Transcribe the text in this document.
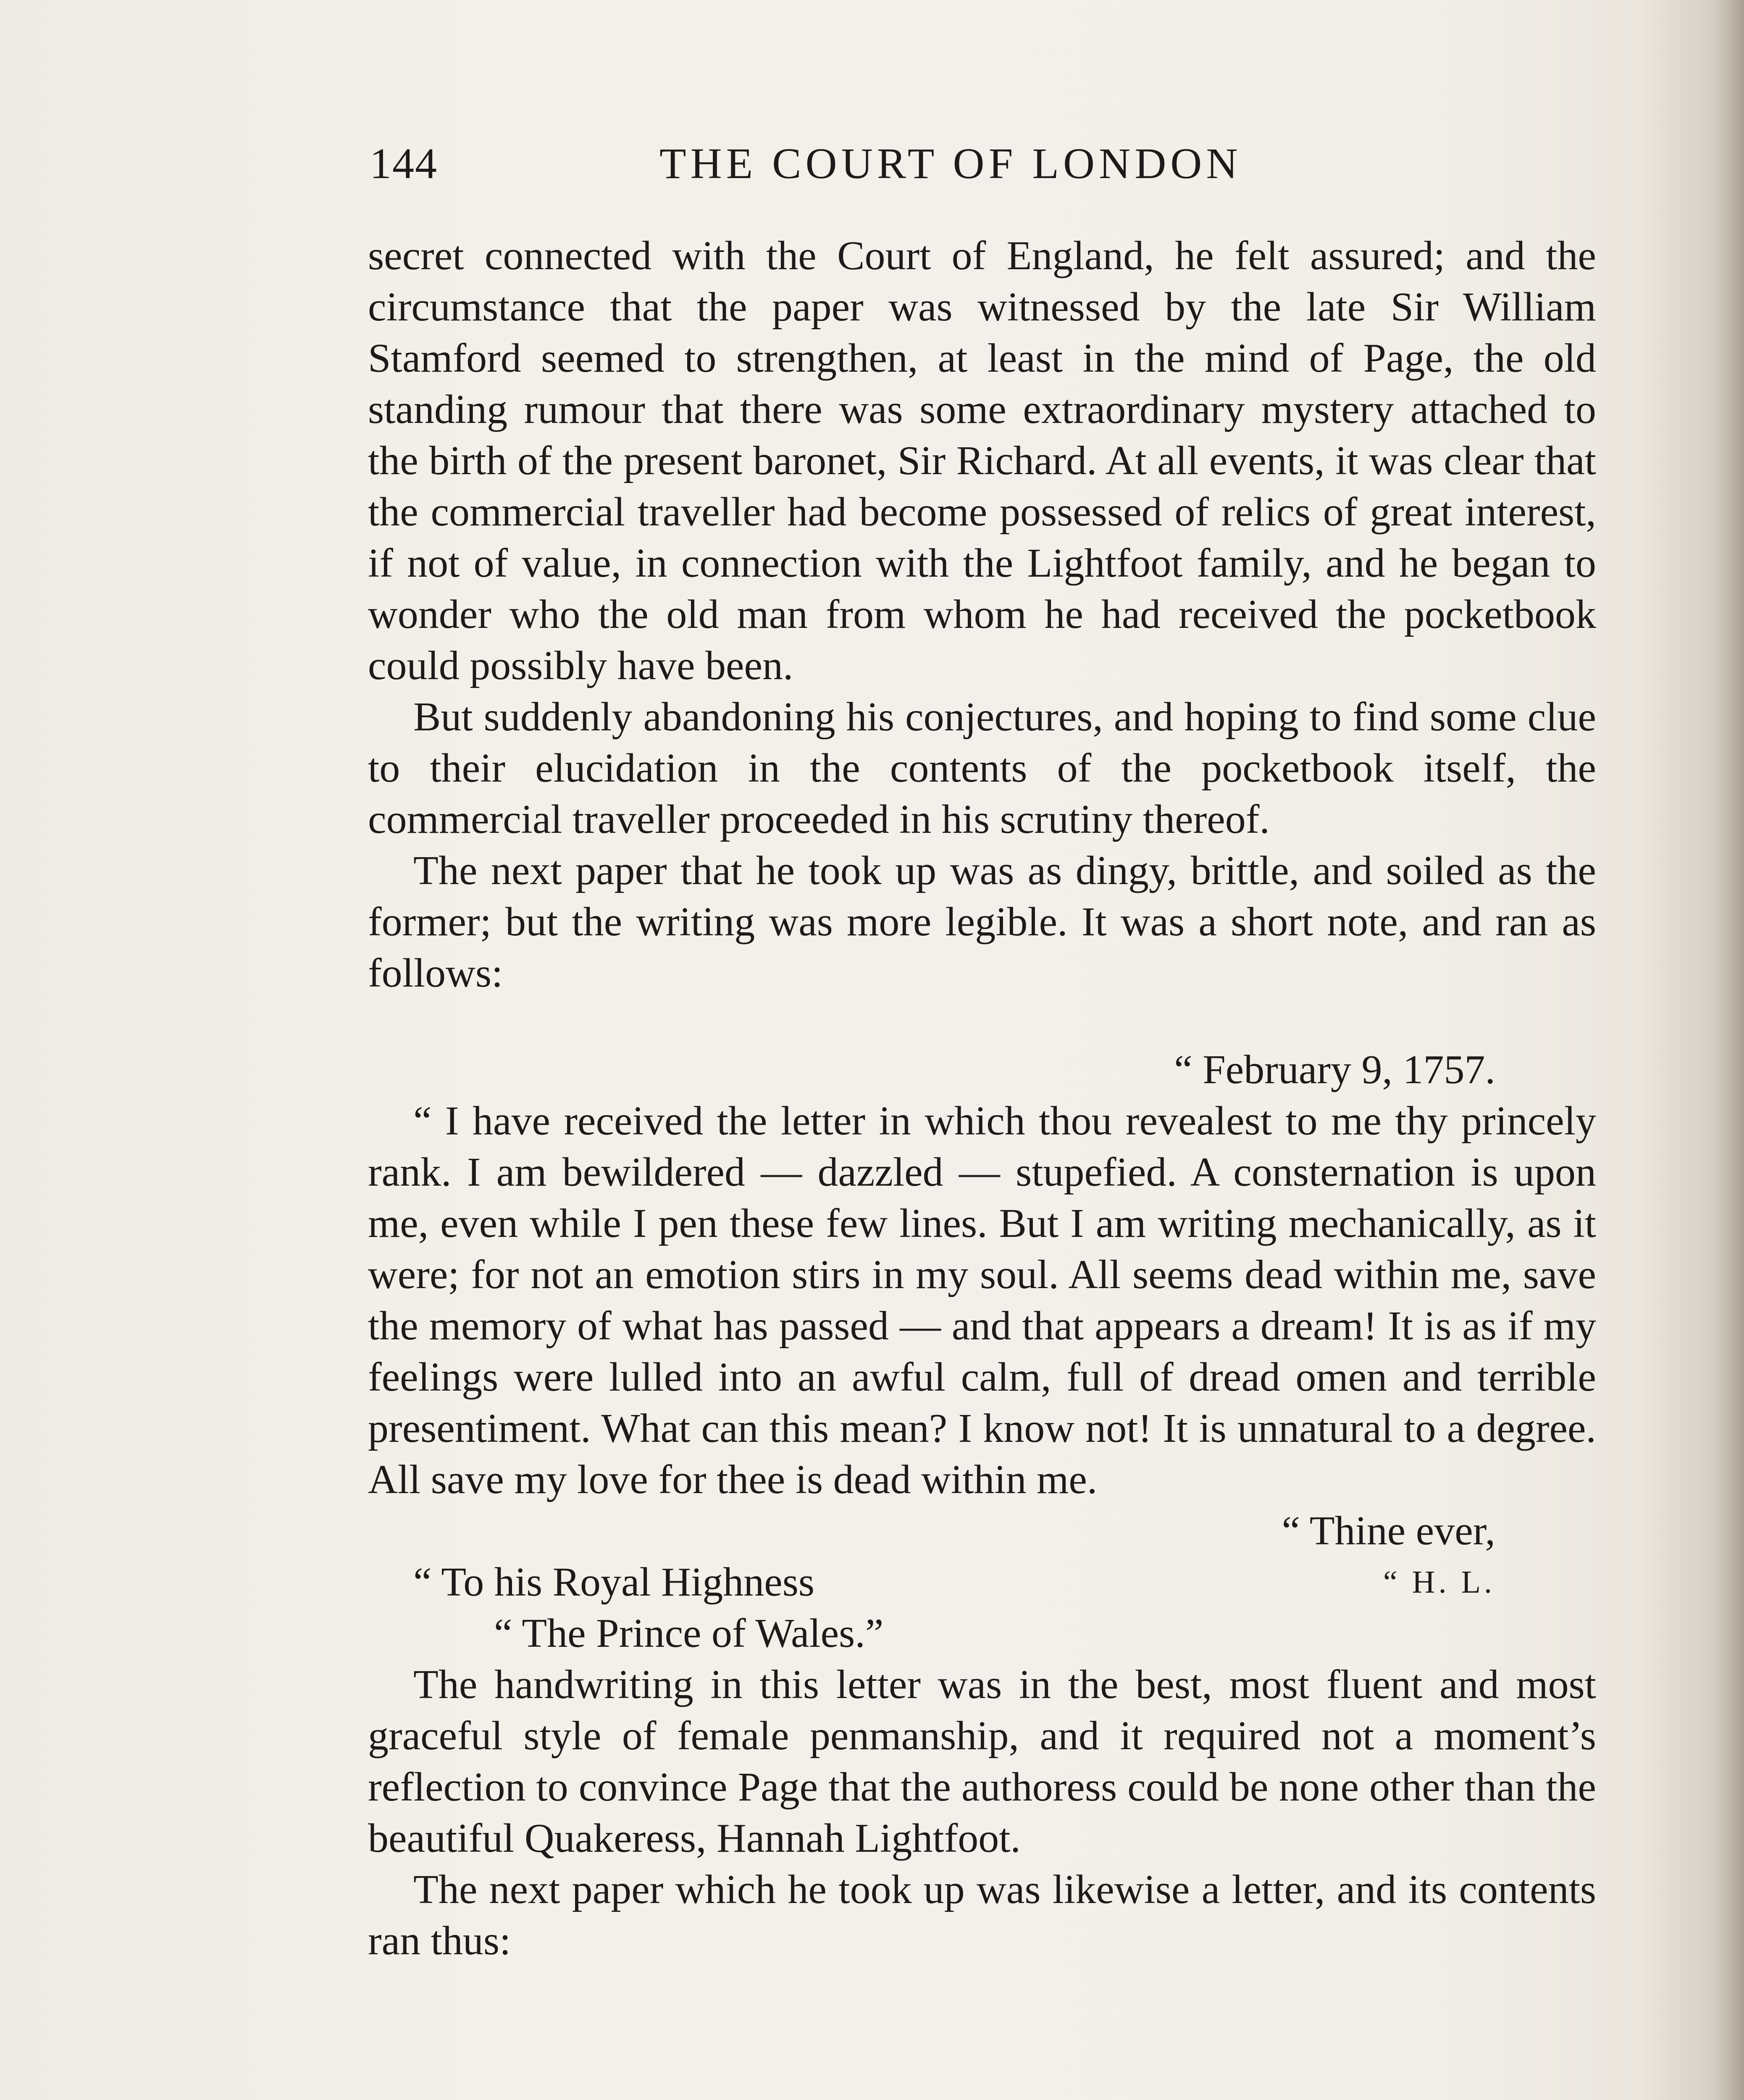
144	THE COURT OF LONDON

secret connected with the Court of England, he felt assured; and the circumstance that the paper was witnessed by the late Sir William Stamford seemed to strengthen, at least in the mind of Page, the old standing rumour that there was some extraordinary mystery attached to the birth of the present baronet, Sir Richard. At all events, it was clear that the commercial traveller had become possessed of relics of great interest, if not of value, in connection with the Lightfoot family, and he began to wonder who the old man from whom he had received the pocketbook could possibly have been.

But suddenly abandoning his conjectures, and hoping to find some clue to their elucidation in the contents of the pocketbook itself, the commercial traveller proceeded in his scrutiny thereof.

The next paper that he took up was as dingy, brittle, and soiled as the former; but the writing was more legible. It was a short note, and ran as follows:

“ February 9, 1757.
“ I have received the letter in which thou revealest to me thy princely rank. I am bewildered — dazzled — stupefied. A consternation is upon me, even while I pen these few lines. But I am writing mechanically, as it were; for not an emotion stirs in my soul. All seems dead within me, save the memory of what has passed — and that appears a dream! It is as if my feelings were lulled into an awful calm, full of dread omen and terrible presentiment. What can this mean? I know not! It is unnatural to a degree. All save my love for thee is dead within me.
“ Thine ever,
“ To his Royal Highness	“ H. L.
“ The Prince of Wales.”

The handwriting in this letter was in the best, most fluent and most graceful style of female penmanship, and it required not a moment’s reflection to convince Page that the authoress could be none other than the beautiful Quakeress, Hannah Lightfoot.

The next paper which he took up was likewise a letter, and its contents ran thus:
